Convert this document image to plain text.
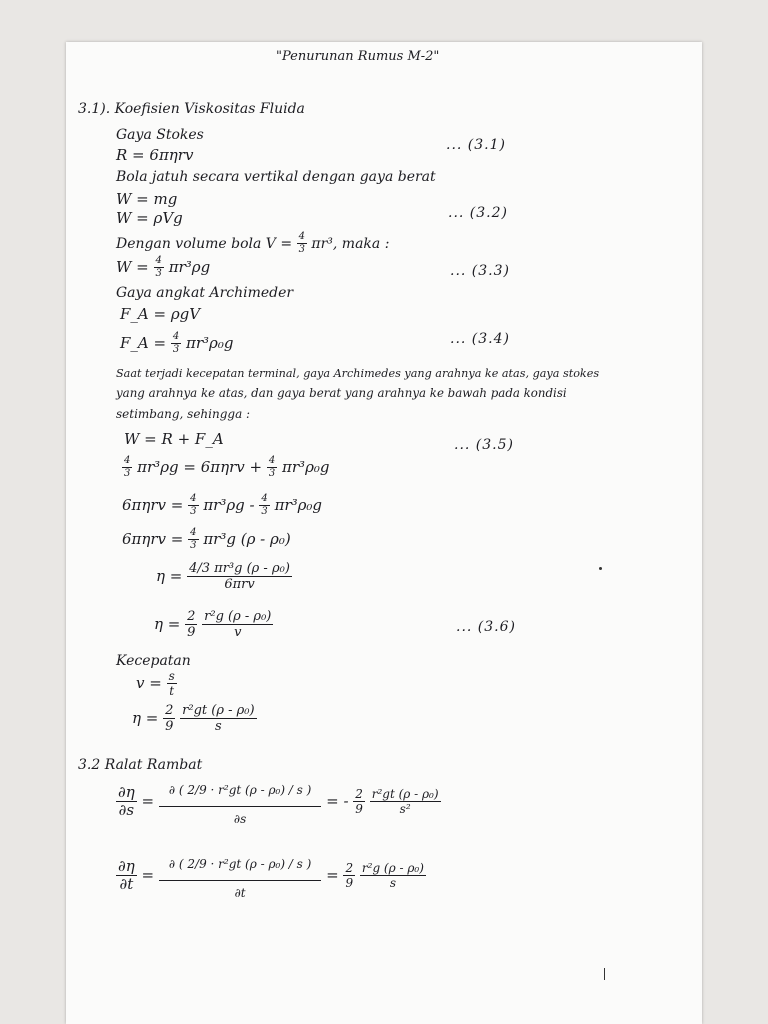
"Penurunan Rumus M-2"
3.1). Koefisien Viskositas Fluida
Gaya Stokes
R = 6πηrv
... (3.1)
Bola jatuh secara vertikal dengan gaya berat
W = mg
W = ρVg	... (3.2)
Dengan volume bola $V = \frac{4}{3} \pi r^3$, maka :
$W = \frac{4}{3} \pi r^3\rho g$	... (3.3)
Gaya angkat Archimeder
F_A = ρgV
F_A = $\frac{4}{3} \pi r^3\rho_0g$	... (3.4)
Saat terjadi kecepatan terminal, gaya Archimedes yang arahnya ke atas, gaya stokes
yang arahnya ke atas, dan gaya berat yang arahnya ke bawah pada kondisi
setimbang, sehingga :
W = R + F_A	... (3.5)
$\frac{4}{3} \pi r^3\rho g = 6\pi\eta rv + \frac{4}{3} \pi r^3\rho_0g$
$6\pi\eta rv = \frac{4}{3} \pi r^3\rho g - \frac{4}{3} \pi r^3\rho_0g$
$6\pi\eta rv = \frac{4}{3} \pi r^3g$ (ρ - ρ₀)
$\eta = \frac{\text{4/3 πr³g (ρ - ρ₀)}}{\text{6πrv}}$
$\eta = \frac{2}{9}$
$\frac{\text{r²g (ρ - ρ₀)}}{v}$	... (3.6)
Kecepatan
$v = \frac{s}{t}$
$\eta = \frac{2}{9}$
$\frac{\text{r²gt (ρ - ρ₀)}}{s}$
3.2 Ralat Rambat
$\frac{\partial\eta}{\partial s} = \frac{\text{∂ ( 2/9 · r²gt (ρ - ρ₀) / s )}}{\partial s}$ = - $\frac{2}{9}$
$\frac{\text{r²gt (ρ - ρ₀)}}{\text{s²}}$
$\frac{\partial\eta}{\partial t} = \frac{\text{∂ ( 2/9 · r²gt (ρ - ρ₀) / s )}}{\partial t} = \frac{2}{9}$
$\frac{\text{r²g (ρ - ρ₀)}}{s}$
